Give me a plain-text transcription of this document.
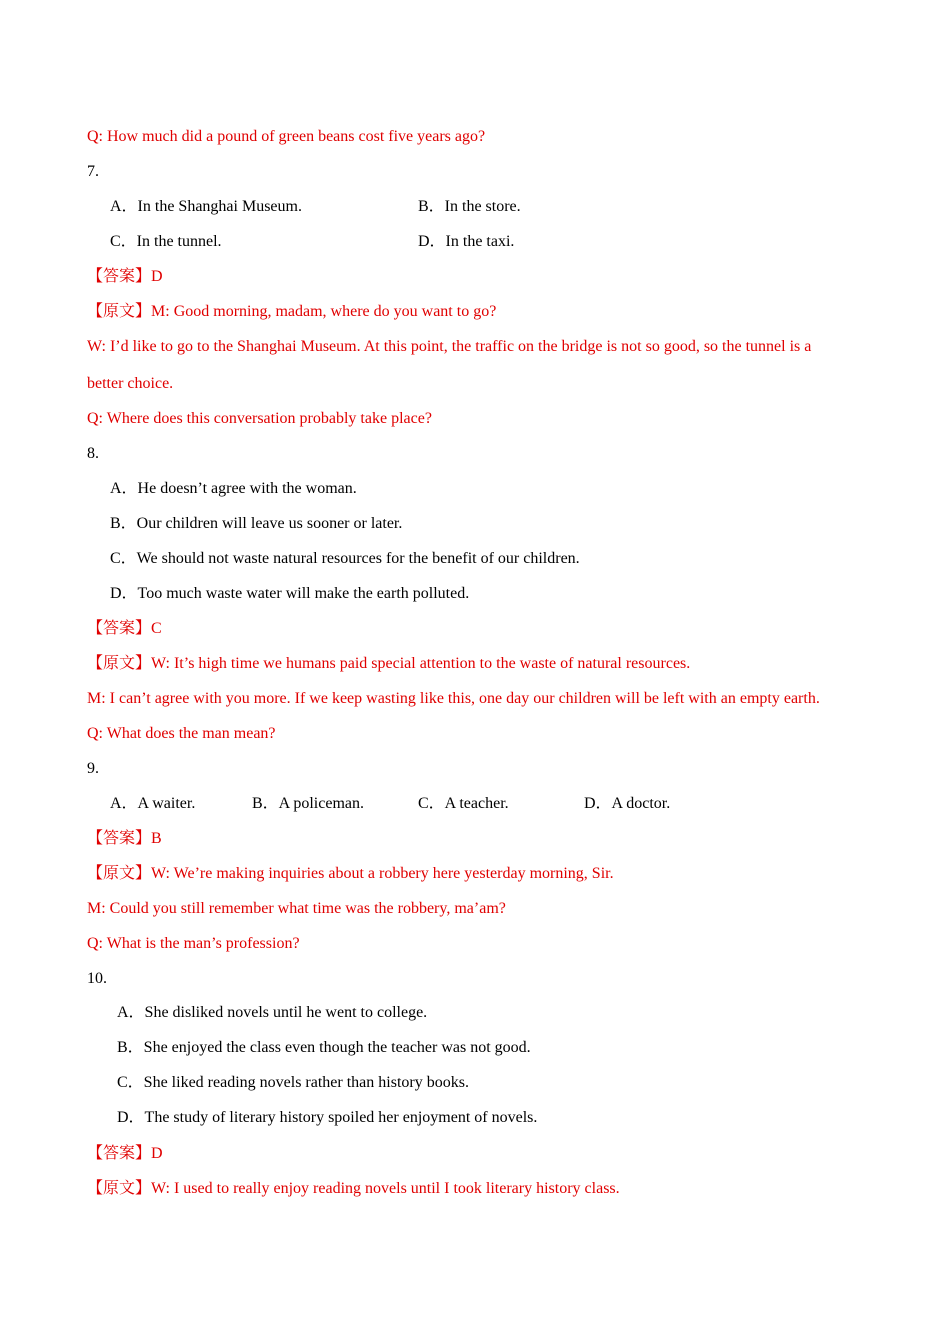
Q: How much did a pound of green beans cost five years ago?
7.
A．In the Shanghai Museum.	B．In the store.
C．In the tunnel.	D．In the taxi.
【答案】D
【原文】M: Good morning, madam, where do you want to go?
W: I’d like to go to the Shanghai Museum. At this point, the traffic on the bridge is not so good, so the tunnel is a
better choice.
Q: Where does this conversation probably take place?
8.
A．He doesn’t agree with the woman.
B．Our children will leave us sooner or later.
C．We should not waste natural resources for the benefit of our children.
D．Too much waste water will make the earth polluted.
【答案】C
【原文】W: It’s high time we humans paid special attention to the waste of natural resources.
M: I can’t agree with you more. If we keep wasting like this, one day our children will be left with an empty earth.
Q: What does the man mean?
9.
A．A waiter.	B．A policeman.	C．A teacher.	D．A doctor.
【答案】B
【原文】W: We’re making inquiries about a robbery here yesterday morning, Sir.
M: Could you still remember what time was the robbery, ma’am?
Q: What is the man’s profession?
10.
A．She disliked novels until he went to college.
B．She enjoyed the class even though the teacher was not good.
C．She liked reading novels rather than history books.
D．The study of literary history spoiled her enjoyment of novels.
【答案】D
【原文】W: I used to really enjoy reading novels until I took literary history class.
